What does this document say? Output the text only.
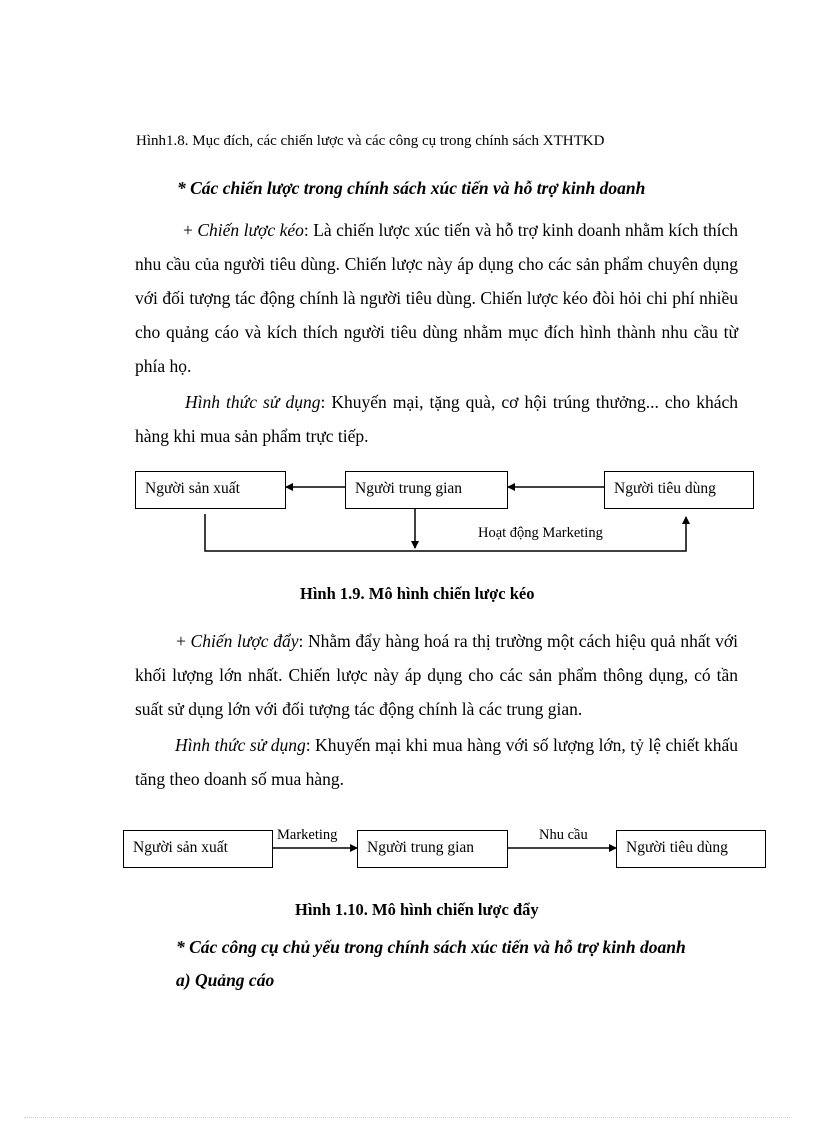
Hình1.8. Mục đích, các chiến lược và các công cụ trong chính sách XTHTKD
* Các chiến lược trong chính sách xúc tiến và hỗ trợ kinh doanh
+ Chiến lược kéo: Là chiến lược xúc tiến và hỗ trợ kinh doanh nhằm kích thích nhu cầu của người tiêu dùng. Chiến lược này áp dụng cho các sản phẩm chuyên dụng với đối tượng tác động chính là người tiêu dùng. Chiến lược kéo đòi hỏi chi phí nhiều cho quảng cáo và kích thích người tiêu dùng nhằm mục đích hình thành nhu cầu từ phía họ.
Hình thức sử dụng: Khuyến mại, tặng quà, cơ hội trúng thưởng... cho khách hàng khi mua sản phẩm trực tiếp.
Người sản xuất	Người trung gian	Người tiêu dùng
Hoạt động Marketing
Hình 1.9. Mô hình chiến lược kéo
+ Chiến lược đẩy: Nhằm đẩy hàng hoá ra thị trường một cách hiệu quả nhất với khối lượng lớn nhất. Chiến lược này áp dụng cho các sản phẩm thông dụng, có tần suất sử dụng lớn với đối tượng tác động chính là các trung gian.
Hình thức sử dụng: Khuyến mại khi mua hàng với số lượng lớn, tỷ lệ chiết khấu tăng theo doanh số mua hàng.
Người sản xuất	Người trung gian	Người tiêu dùng
Marketing	Nhu cầu
Hình 1.10. Mô hình chiến lược đẩy
* Các công cụ chủ yếu trong chính sách xúc tiến và hỗ trợ kinh doanh
a) Quảng cáo
